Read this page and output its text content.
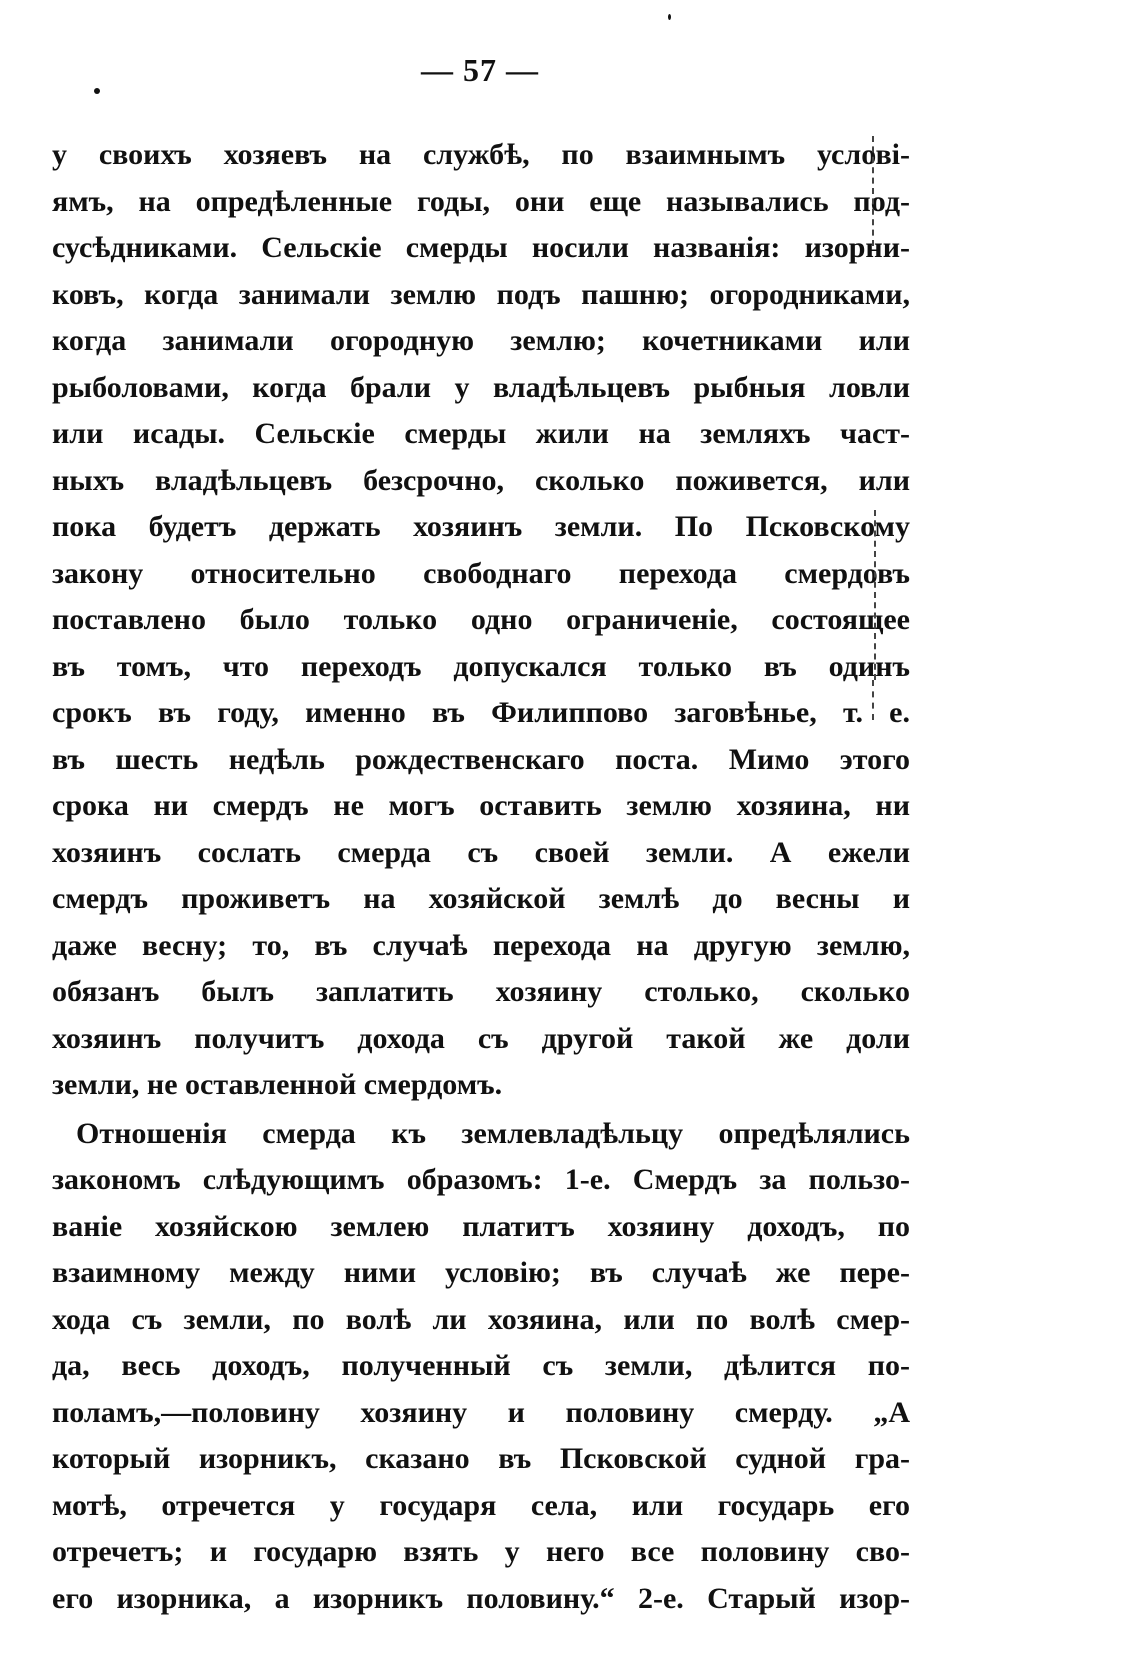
— 57 —
у своихъ хозяевъ на службѣ, по взаимнымъ услові-
ямъ, на опредѣленные годы, они еще назывались под-
сусѣдниками. Сельскіе смерды носили названія: изорни-
ковъ, когда занимали землю подъ пашню; огородниками,
когда занимали огородную землю; кочетниками или
рыболовами, когда брали у владѣльцевъ рыбныя ловли
или исады. Сельскіе смерды жили на земляхъ част-
ныхъ владѣльцевъ безсрочно, сколько поживется, или
пока будетъ держать хозяинъ земли. По Псковскому
закону относительно свободнаго перехода смердовъ
поставлено было только одно ограниченіе, состоящее
въ томъ, что переходъ допускался только въ одинъ
срокъ въ году, именно въ Филиппово заговѣнье, т. е.
въ шесть недѣль рождественскаго поста. Мимо этого
срока ни смердъ не могъ оставить землю хозяина, ни
хозяинъ сослать смерда съ своей земли. А ежели
смердъ проживетъ на хозяйской землѣ до весны и
даже весну; то, въ случаѣ перехода на другую землю,
обязанъ былъ заплатить хозяину столько, сколько
хозяинъ получитъ дохода съ другой такой же доли
земли, не оставленной смердомъ.
Отношенія смерда къ землевладѣльцу опредѣлялись
закономъ слѣдующимъ образомъ: 1-е. Смердъ за пользо-
ваніе хозяйскою землею платитъ хозяину доходъ, по
взаимному между ними условію; въ случаѣ же пере-
хода съ земли, по волѣ ли хозяина, или по волѣ смер-
да, весь доходъ, полученный съ земли, дѣлится по-
поламъ,—половину хозяину и половину смерду. „А
который изорникъ, сказано въ Псковской судной гра-
мотѣ, отречется у государя села, или государь его
отречетъ; и государю взять у него все половину сво-
его изорника, а изорникъ половину.“ 2-е. Старый изор-
